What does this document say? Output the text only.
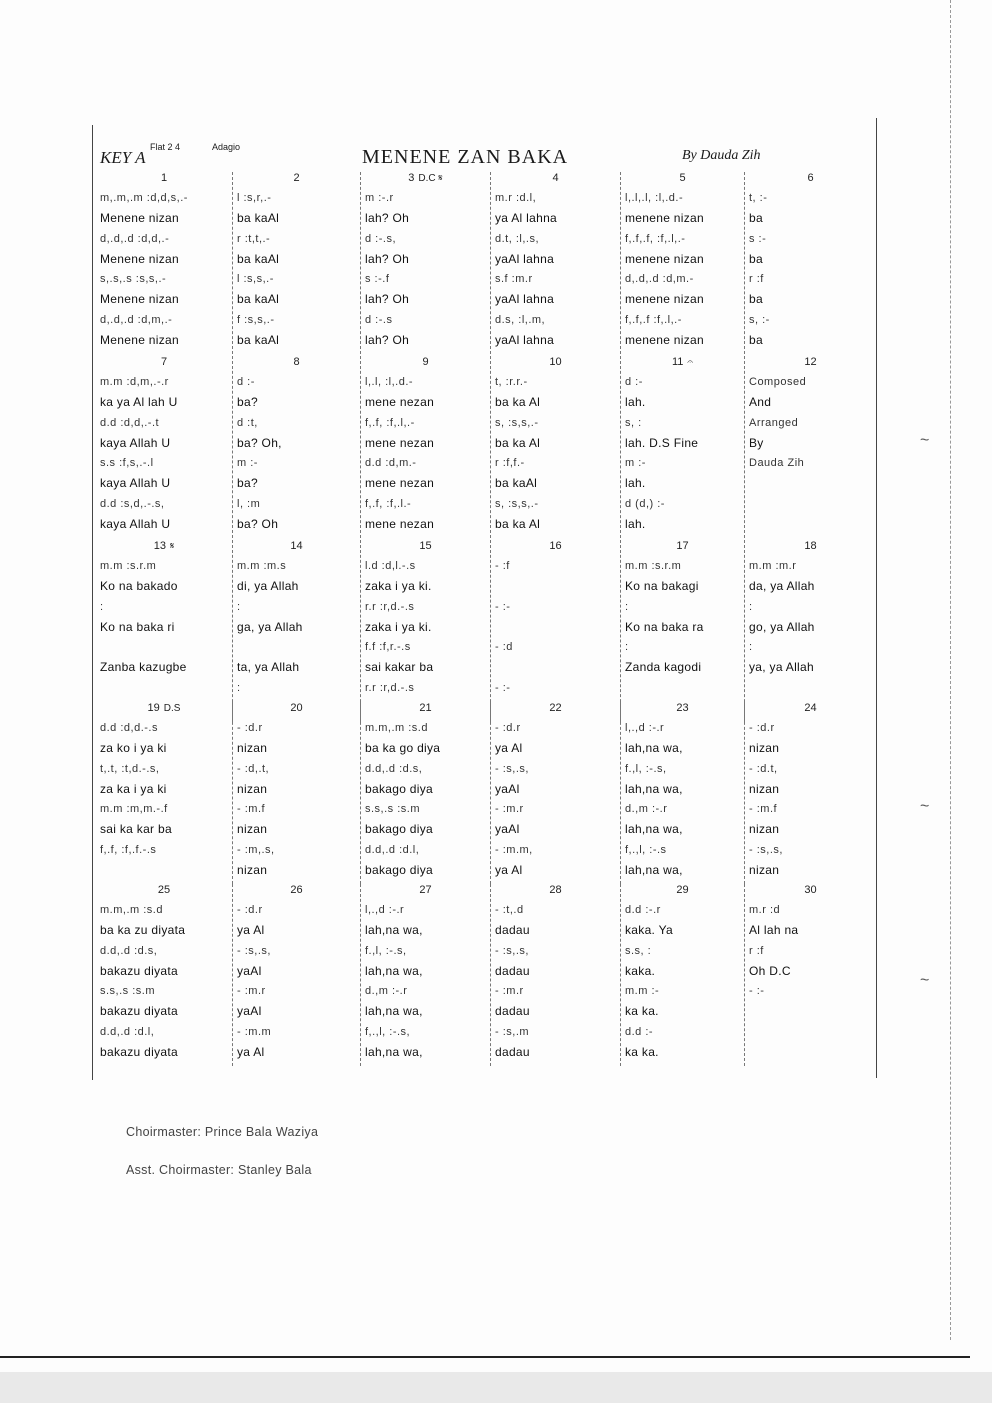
KEY A
Flat 2 4	Adagio	MENENE ZAN BAKA	By Dauda Zih
1
m,.m,.m :d,d,s,.-
Menene nizan
d,.d,.d :d,d,.-
Menene nizan
s,.s,.s :s,s,.-
Menene nizan
d,.d,.d :d,m,.-
Menene nizan
2
l :s,r,.-
ba kaAl
r :t,t,.-
ba kaAl
l :s,s,.-
ba kaAl
f :s,s,.-
ba kaAl
3 D.C 𝄋
m :-.r
lah? Oh
d :-.s,
lah? Oh
s :-.f
lah? Oh
d :-.s
lah? Oh
4
m.r :d.l,
ya Al lahna
d.t, :l,.s,
yaAl lahna
s.f :m.r
yaAl lahna
d.s, :l,.m,
yaAl lahna
5
l,.l,.l, :l,.d.-
menene nizan
f,.f,.f, :f,.l,.-
menene nizan
d,.d,.d :d,m.-
menene nizan
f,.f,.f :f,.l,.-
menene nizan
6
t, :-
ba
s :-
ba
r :f
ba
s, :-
ba
7
m.m :d,m,.-.r
ka ya Al lah U
d.d :d,d,.-.t
kaya Allah U
s.s :f,s,.-.l
kaya Allah U
d.d :s,d,.-.s,
kaya Allah U
8
d :-
ba?
d :t,
ba? Oh,
m :-
ba?
l, :m
ba? Oh
9
l,.l, :l,.d.-
mene nezan
f,.f, :f,.l,.-
mene nezan
d.d :d,m.-
mene nezan
f,.f, :f,.l.-
mene nezan
10
t, :r.r.-
ba ka Al
s, :s,s,.-
ba ka Al
r :f,f.-
ba kaAl
s, :s,s,.-
ba ka Al
11 𝄐
d :-
lah.
s, :
lah. D.S Fine
m :-
lah.
d (d,) :-
lah.
12
Composed
And
Arranged
By
Dauda Zih
13 𝄋
m.m :s.r.m
Ko na bakado
:
Ko na baka ri
Zanba kazugbe
14
m.m :m.s
di, ya Allah
:
ga, ya Allah
ta, ya Allah
:
15
l.d :d,l.-.s
zaka i ya ki.
r.r :r,d.-.s
zaka i ya ki.
f.f :f,r.-.s
sai kakar ba
r.r :r,d.-.s
16
- :f
- :-
- :d
- :-
17
m.m :s.r.m
Ko na bakagi
:
Ko na baka ra
:
Zanda kagodi
18
m.m :m.r
da, ya Allah
:
go, ya Allah
:
ya, ya Allah
19 D.S
d.d :d,d.-.s
za ko i ya ki
t,.t, :t,d.-.s,
za ka i ya ki
m.m :m,m.-.f
sai ka kar ba
f,.f, :f,.f.-.s
20
- :d.r
nizan
- :d,.t,
nizan
- :m.f
nizan
- :m,.s,
nizan
21
m.m,.m :s.d
ba ka go diya
d.d,.d :d.s,
bakago diya
s.s,.s :s.m
bakago diya
d.d,.d :d.l,
bakago diya
22
- :d.r
ya Al
- :s,.s,
yaAl
- :m.r
yaAl
- :m.m,
ya Al
23
l,.,d :-.r
lah,na wa,
f.,l, :-.s,
lah,na wa,
d.,m :-.r
lah,na wa,
f,.,l, :-.s
lah,na wa,
24
- :d.r
nizan
- :d.t,
nizan
- :m.f
nizan
- :s,.s,
nizan
25
m.m,.m :s.d
ba ka zu diyata
d.d,.d :d.s,
bakazu diyata
s.s,.s :s.m
bakazu diyata
d.d,.d :d.l,
bakazu diyata
26
- :d.r
ya Al
- :s,.s,
yaAl
- :m.r
yaAl
- :m.m
ya Al
27
l,.,d :-.r
lah,na wa,
f.,l, :-.s,
lah,na wa,
d.,m :-.r
lah,na wa,
f,.,l, :-.s,
lah,na wa,
28
- :t,.d
dadau
- :s,.s,
dadau
- :m.r
dadau
- :s,.m
dadau
29
d.d :-.r
kaka. Ya
s.s, :
kaka.
m.m :-
ka ka.
d.d :-
ka ka.
30
m.r :d
Al lah na
r :f
Oh D.C
- :-
Choirmaster: Prince Bala Waziya
Asst. Choirmaster: Stanley Bala
~
~
~
